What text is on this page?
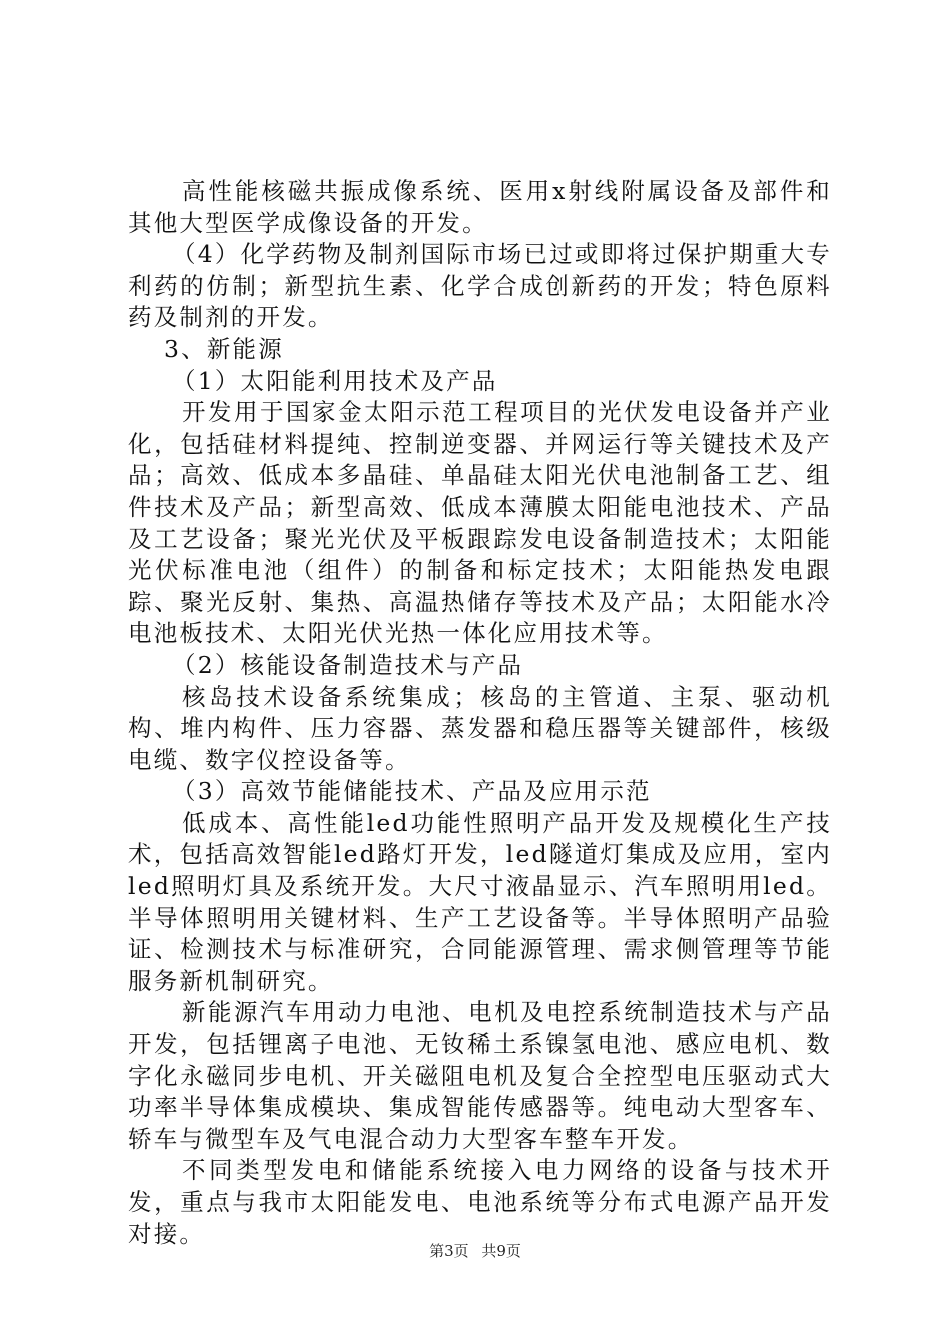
高性能核磁共振成像系统、医用x射线附属设备及部件和其他大型医学成像设备的开发。

（4）化学药物及制剂国际市场已过或即将过保护期重大专利药的仿制；新型抗生素、化学合成创新药的开发；特色原料药及制剂的开发。

3、新能源

（1）太阳能利用技术及产品

开发用于国家金太阳示范工程项目的光伏发电设备并产业化，包括硅材料提纯、控制逆变器、并网运行等关键技术及产品；高效、低成本多晶硅、单晶硅太阳光伏电池制备工艺、组件技术及产品；新型高效、低成本薄膜太阳能电池技术、产品及工艺设备；聚光光伏及平板跟踪发电设备制造技术；太阳能光伏标准电池（组件）的制备和标定技术；太阳能热发电跟踪、聚光反射、集热、高温热储存等技术及产品；太阳能水冷电池板技术、太阳光伏光热一体化应用技术等。

（2）核能设备制造技术与产品

核岛技术设备系统集成；核岛的主管道、主泵、驱动机构、堆内构件、压力容器、蒸发器和稳压器等关键部件，核级电缆、数字仪控设备等。

（3）高效节能储能技术、产品及应用示范

低成本、高性能led功能性照明产品开发及规模化生产技术，包括高效智能led路灯开发，led隧道灯集成及应用，室内led照明灯具及系统开发。大尺寸液晶显示、汽车照明用led。半导体照明用关键材料、生产工艺设备等。半导体照明产品验证、检测技术与标准研究，合同能源管理、需求侧管理等节能服务新机制研究。

新能源汽车用动力电池、电机及电控系统制造技术与产品开发，包括锂离子电池、无钕稀土系镍氢电池、感应电机、数字化永磁同步电机、开关磁阻电机及复合全控型电压驱动式大功率半导体集成模块、集成智能传感器等。纯电动大型客车、轿车与微型车及气电混合动力大型客车整车开发。

不同类型发电和储能系统接入电力网络的设备与技术开发，重点与我市太阳能发电、电池系统等分布式电源产品开发对接。

第3页 共9页
